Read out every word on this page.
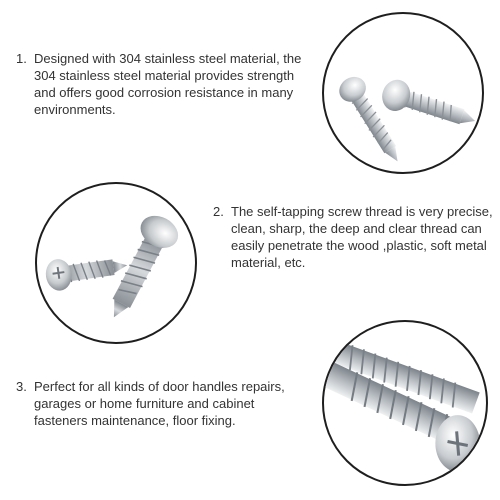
1. Designed with 304 stainless steel material, the 304 stainless steel material provides strength and offers good corrosion resistance in many environments.
2. The self-tapping screw thread is very precise, clean, sharp, the deep and clear thread can easily penetrate the wood ,plastic, soft metal material, etc.
3. Perfect for all kinds of door handles repairs, garages or home furniture and cabinet fasteners maintenance, floor fixing.
